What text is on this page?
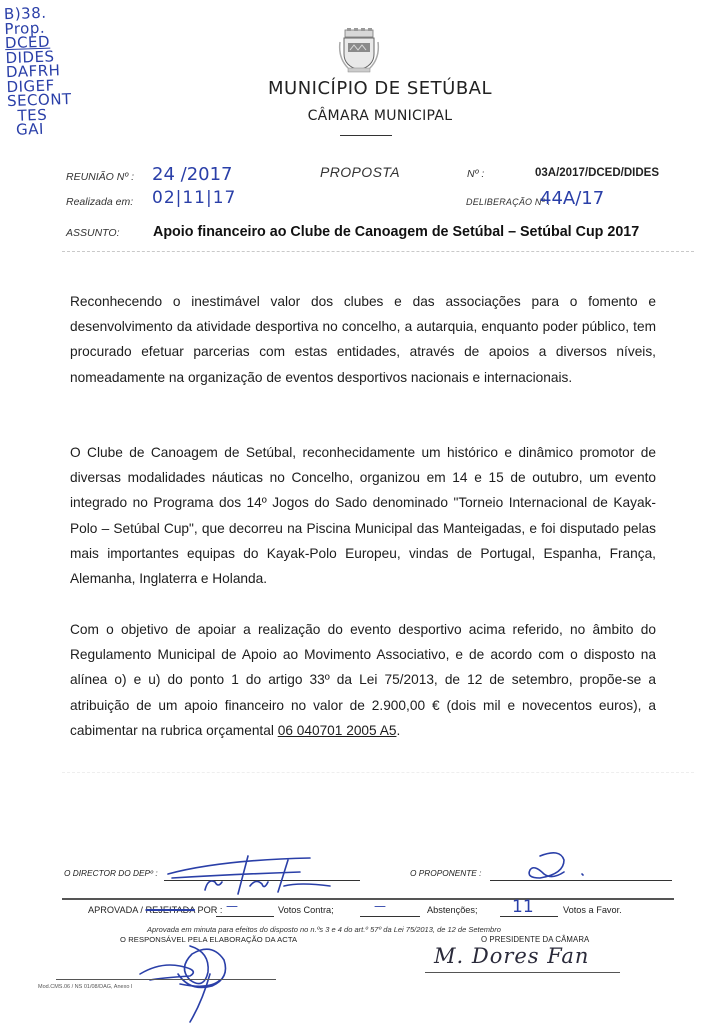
B)38.
Prop.
DCED
DIDES
DAFRH
DIGEF
SECONT
TES
GAI
MUNICÍPIO DE SETÚBAL
CÂMARA MUNICIPAL
REUNIÃO Nº : 24 /2017
Realizada em: 02|11|17
PROPOSTA	Nº :	03A/2017/DCED/DIDES
DELIBERAÇÃO Nº :
44A/17
ASSUNTO: Apoio financeiro ao Clube de Canoagem de Setúbal – Setúbal Cup 2017
Reconhecendo o inestimável valor dos clubes e das associações para o fomento e desenvolvimento da atividade desportiva no concelho, a autarquia, enquanto poder público, tem procurado efetuar parcerias com estas entidades, através de apoios a diversos níveis, nomeadamente na organização de eventos desportivos nacionais e internacionais.
O Clube de Canoagem de Setúbal, reconhecidamente um histórico e dinâmico promotor de diversas modalidades náuticas no Concelho, organizou em 14 e 15 de outubro, um evento integrado no Programa dos 14º Jogos do Sado denominado "Torneio Internacional de Kayak-Polo – Setúbal Cup", que decorreu na Piscina Municipal das Manteigadas, e foi disputado pelas mais importantes equipas do Kayak-Polo Europeu, vindas de Portugal, Espanha, França, Alemanha, Inglaterra e Holanda.
Com o objetivo de apoiar a realização do evento desportivo acima referido, no âmbito do Regulamento Municipal de Apoio ao Movimento Associativo, e de acordo com o disposto na alínea o) e u) do ponto 1 do artigo 33º da Lei 75/2013, de 12 de setembro, propõe-se a atribuição de um apoio financeiro no valor de 2.900,00 € (dois mil e novecentos euros), a cabimentar na rubrica orçamental 06 040701 2005 A5.
O DIRECTOR DO DEPº :	O PROPONENTE :
APROVADA / REJEITADA POR : —	Votos Contra;	—	Abstenções; 11	Votos a Favor.
Aprovada em minuta para efeitos do disposto no n.ºs 3 e 4 do art.º 57º da Lei 75/2013, de 12 de Setembro
O RESPONSÁVEL PELA ELABORAÇÃO DA ACTA	O PRESIDENTE DA CÂMARA
Mod.CMS.06 / NS 01/08/DAG, Anexo I
M. Dores Fan
